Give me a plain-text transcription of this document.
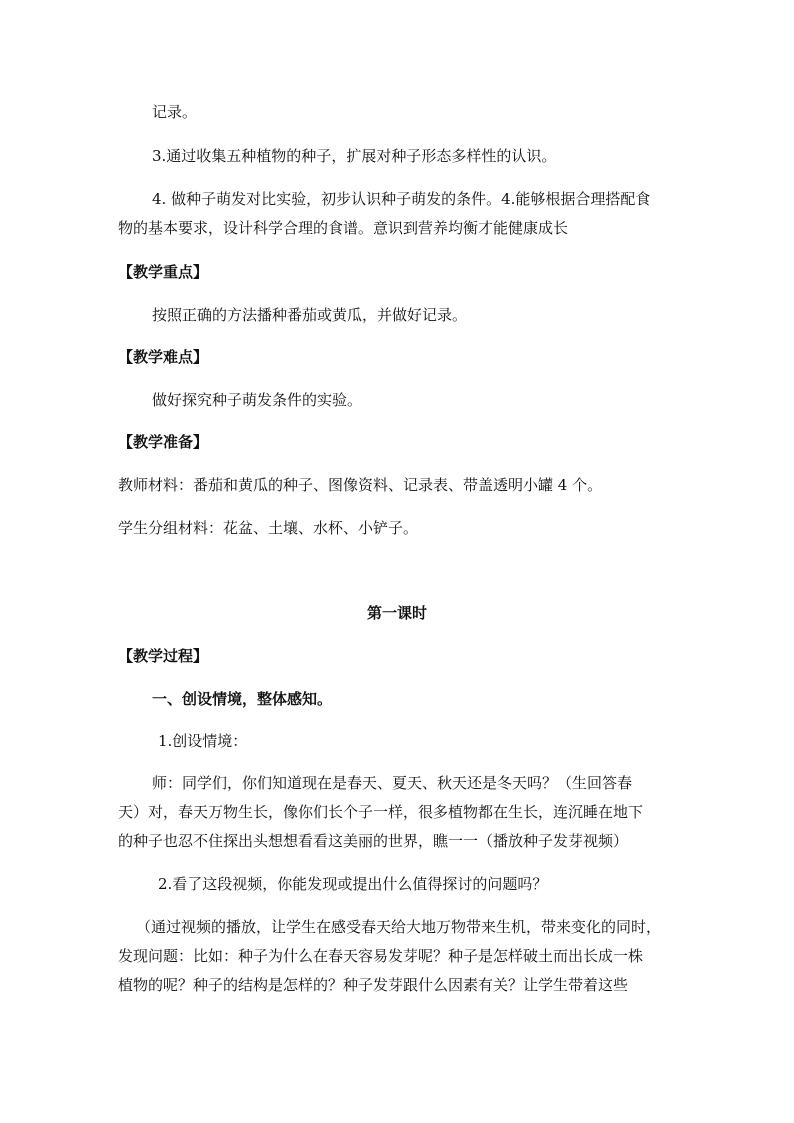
记录。
3.通过收集五种植物的种子，扩展对种子形态多样性的认识。
4. 做种子萌发对比实验，初步认识种子萌发的条件。4.能够根据合理搭配食
物的基本要求，设计科学合理的食谱。意识到营养均衡才能健康成长
【教学重点】
按照正确的方法播种番茄或黄瓜，并做好记录。
【教学难点】
做好探究种子萌发条件的实验。
【教学准备】
教师材料：番茄和黄瓜的种子、图像资料、记录表、带盖透明小罐 4 个。
学生分组材料：花盆、土壤、水杯、小铲子。
第一课时
【教学过程】
一、创设情境，整体感知。
1.创设情境：
师：同学们，你们知道现在是春天、夏天、秋天还是冬天吗？（生回答春
天）对，春天万物生长，像你们长个子一样，很多植物都在生长，连沉睡在地下
的种子也忍不住探出头想想看看这美丽的世界，瞧一一（播放种子发芽视频）
2.看了这段视频，你能发现或提出什么值得探讨的问题吗？
（通过视频的播放，让学生在感受春天给大地万物带来生机，带来变化的同时，
发现问题：比如：种子为什么在春天容易发芽呢？种子是怎样破土而出长成一株
植物的呢？种子的结构是怎样的？种子发芽跟什么因素有关？让学生带着这些
